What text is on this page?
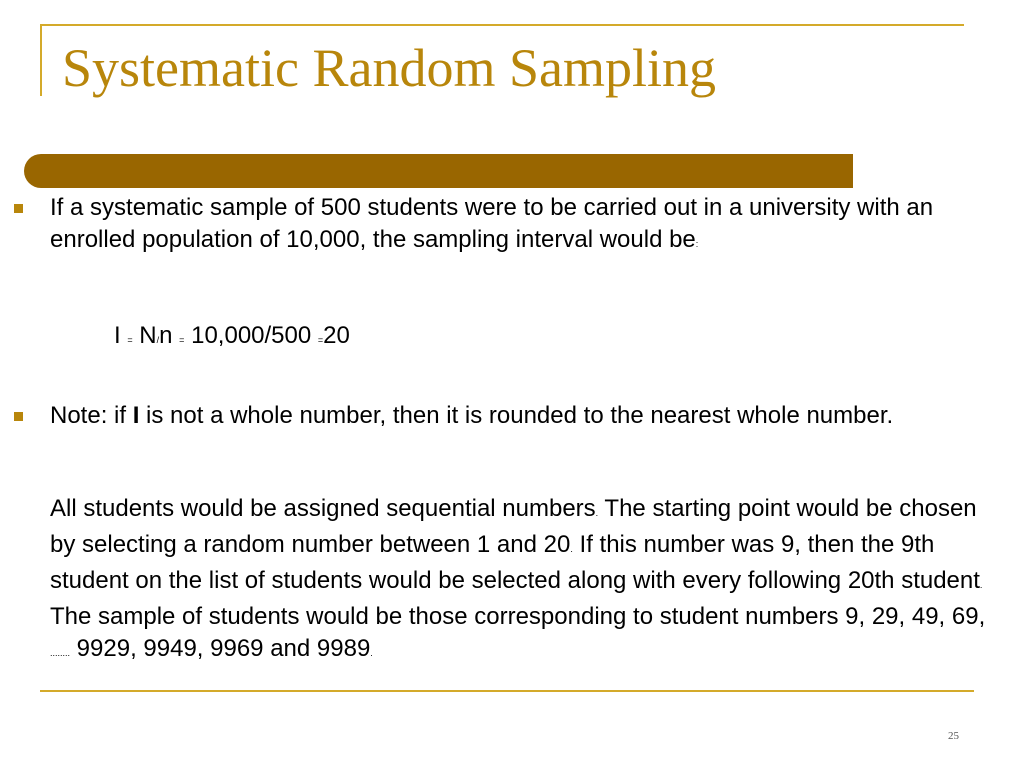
Systematic Random Sampling
If a systematic sample of 500 students were to be carried out in a university with an enrolled population of 10,000, the sampling interval would be:
I = N/n = 10,000/500 =20
Note: if I is not a whole number, then it is rounded to the nearest whole number.
All students would be assigned sequential numbers. The starting point would be chosen by selecting a random number between 1 and 20. If this number was 9, then the 9th student on the list of students would be selected along with every following 20th student. The sample of students would be those corresponding to student numbers 9, 29, 49, 69, ........ 9929, 9949, 9969 and 9989.
25
